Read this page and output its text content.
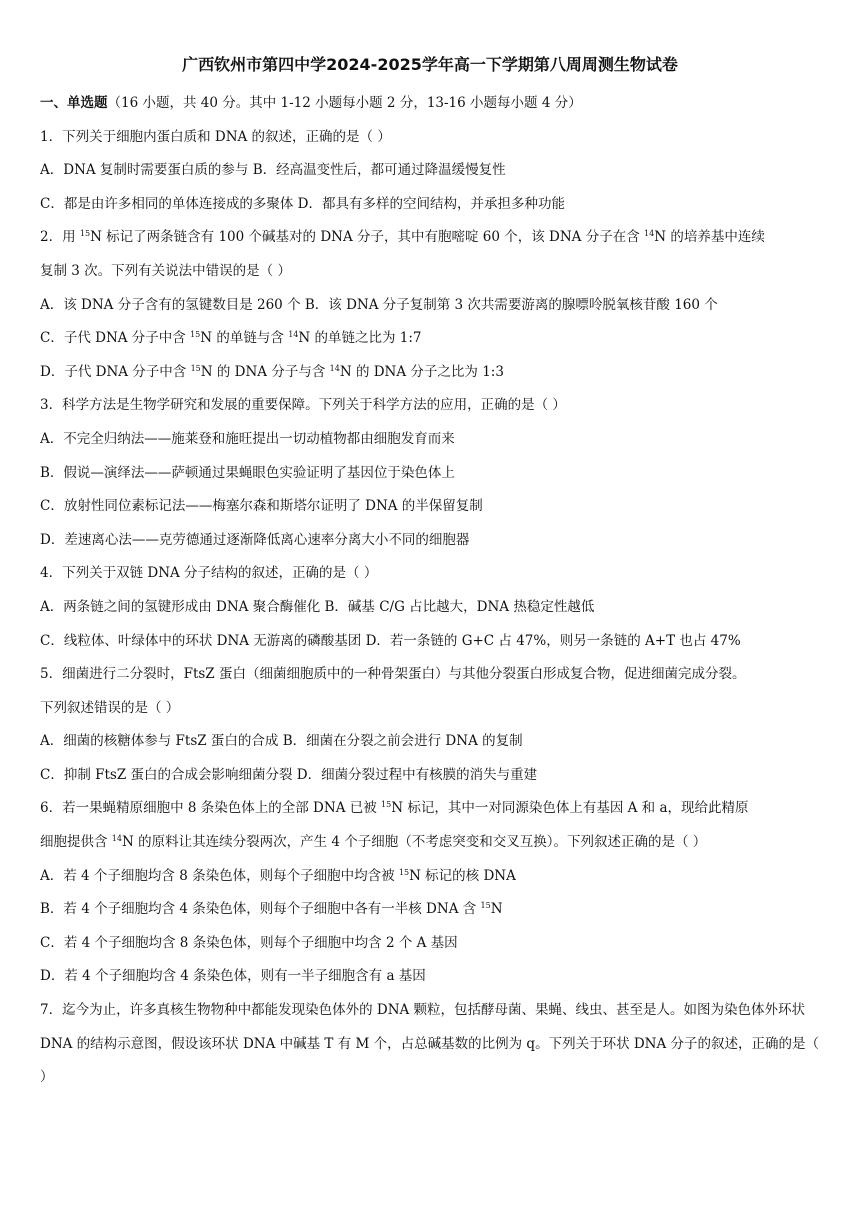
广西钦州市第四中学2024-2025学年高一下学期第八周周测生物试卷
一、单选题（16 小题，共 40 分。其中 1-12 小题每小题 2 分，13-16 小题每小题 4 分）
1．下列关于细胞内蛋白质和 DNA 的叙述，正确的是（ ）
A．DNA 复制时需要蛋白质的参与 B．经高温变性后，都可通过降温缓慢复性
C．都是由许多相同的单体连接成的多聚体 D．都具有多样的空间结构，并承担多种功能
2．用 $^{15}$N 标记了两条链含有 100 个碱基对的 DNA 分子，其中有胞嘧啶 60 个，该 DNA 分子在含 $^{14}$N 的培养基中连续
复制 3 次。下列有关说法中错误的是（ ）
A．该 DNA 分子含有的氢键数目是 260 个 B．该 DNA 分子复制第 3 次共需要游离的腺嘌呤脱氧核苷酸 160 个
C．子代 DNA 分子中含 $^{15}$N 的单链与含 $^{14}$N 的单链之比为 1:7
D．子代 DNA 分子中含 $^{15}$N 的 DNA 分子与含 $^{14}$N 的 DNA 分子之比为 1:3
3．科学方法是生物学研究和发展的重要保障。下列关于科学方法的应用，正确的是（ ）
A．不完全归纳法——施莱登和施旺提出一切动植物都由细胞发育而来
B．假说—演绎法——萨顿通过果蝇眼色实验证明了基因位于染色体上
C．放射性同位素标记法——梅塞尔森和斯塔尔证明了 DNA 的半保留复制
D．差速离心法——克劳德通过逐渐降低离心速率分离大小不同的细胞器
4．下列关于双链 DNA 分子结构的叙述，正确的是（ ）
A．两条链之间的氢键形成由 DNA 聚合酶催化 B．碱基 C/G 占比越大，DNA 热稳定性越低
C．线粒体、叶绿体中的环状 DNA 无游离的磷酸基团 D．若一条链的 G+C 占 47%，则另一条链的 A+T 也占 47%
5．细菌进行二分裂时，FtsZ 蛋白（细菌细胞质中的一种骨架蛋白）与其他分裂蛋白形成复合物，促进细菌完成分裂。
下列叙述错误的是（ ）
A．细菌的核糖体参与 FtsZ 蛋白的合成 B．细菌在分裂之前会进行 DNA 的复制
C．抑制 FtsZ 蛋白的合成会影响细菌分裂 D．细菌分裂过程中有核膜的消失与重建
6．若一果蝇精原细胞中 8 条染色体上的全部 DNA 已被 $^{15}$N 标记，其中一对同源染色体上有基因 A 和 a，现给此精原
细胞提供含 $^{14}$N 的原料让其连续分裂两次，产生 4 个子细胞（不考虑突变和交叉互换）。下列叙述正确的是（ ）
A．若 4 个子细胞均含 8 条染色体，则每个子细胞中均含被 $^{15}$N 标记的核 DNA
B．若 4 个子细胞均含 4 条染色体，则每个子细胞中各有一半核 DNA 含 $^{15}$N
C．若 4 个子细胞均含 8 条染色体，则每个子细胞中均含 2 个 A 基因
D．若 4 个子细胞均含 4 条染色体，则有一半子细胞含有 a 基因
7．迄今为止，许多真核生物物种中都能发现染色体外的 DNA 颗粒，包括酵母菌、果蝇、线虫、甚至是人。如图为染色体外环状 DNA 的结构示意图，假设该环状 DNA 中碱基 T 有 M 个，占总碱基数的比例为 q。下列关于环状 DNA 分子的叙述，正确的是（ ）
